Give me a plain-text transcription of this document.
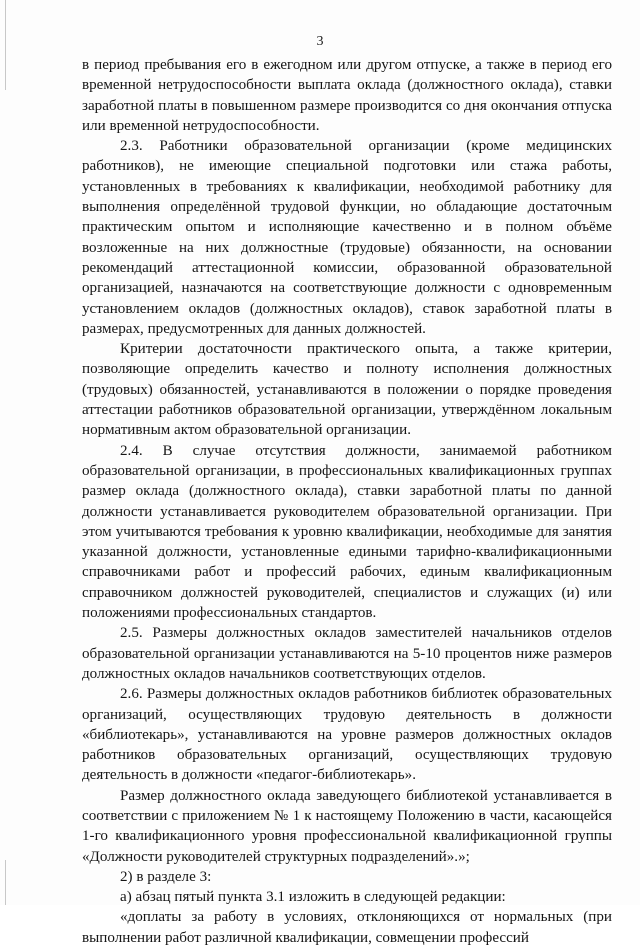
3

в период пребывания его в ежегодном или другом отпуске, а также в период его временной нетрудоспособности выплата оклада (должностного оклада), ставки заработной платы в повышенном размере производится со дня окончания отпуска или временной нетрудоспособности.

2.3. Работники образовательной организации (кроме медицинских работников), не имеющие специальной подготовки или стажа работы, установленных в требованиях к квалификации, необходимой работнику для выполнения определённой трудовой функции, но обладающие достаточным практическим опытом и исполняющие качественно и в полном объёме возложенные на них должностные (трудовые) обязанности, на основании рекомендаций аттестационной комиссии, образованной образовательной организацией, назначаются на соответствующие должности с одновременным установлением окладов (должностных окладов), ставок заработной платы в размерах, предусмотренных для данных должностей.

Критерии достаточности практического опыта, а также критерии, позволяющие определить качество и полноту исполнения должностных (трудовых) обязанностей, устанавливаются в положении о порядке проведения аттестации работников образовательной организации, утверждённом локальным нормативным актом образовательной организации.

2.4. В случае отсутствия должности, занимаемой работником образовательной организации, в профессиональных квалификационных группах размер оклада (должностного оклада), ставки заработной платы по данной должности устанавливается руководителем образовательной организации. При этом учитываются требования к уровню квалификации, необходимые для занятия указанной должности, установленные едиными тарифно-квалификационными справочниками работ и профессий рабочих, единым квалификационным справочником должностей руководителей, специалистов и служащих (и) или положениями профессиональных стандартов.

2.5. Размеры должностных окладов заместителей начальников отделов образовательной организации устанавливаются на 5-10 процентов ниже размеров должностных окладов начальников соответствующих отделов.

2.6. Размеры должностных окладов работников библиотек образовательных организаций, осуществляющих трудовую деятельность в должности «библиотекарь», устанавливаются на уровне размеров должностных окладов работников образовательных организаций, осуществляющих трудовую деятельность в должности «педагог-библиотекарь».

Размер должностного оклада заведующего библиотекой устанавливается в соответствии с приложением № 1 к настоящему Положению в части, касающейся 1-го квалификационного уровня профессиональной квалификационной группы «Должности руководителей структурных подразделений».»;

2) в разделе 3:

а) абзац пятый пункта 3.1 изложить в следующей редакции:

«доплаты за работу в условиях, отклоняющихся от нормальных (при выполнении работ различной квалификации, совмещении профессий
